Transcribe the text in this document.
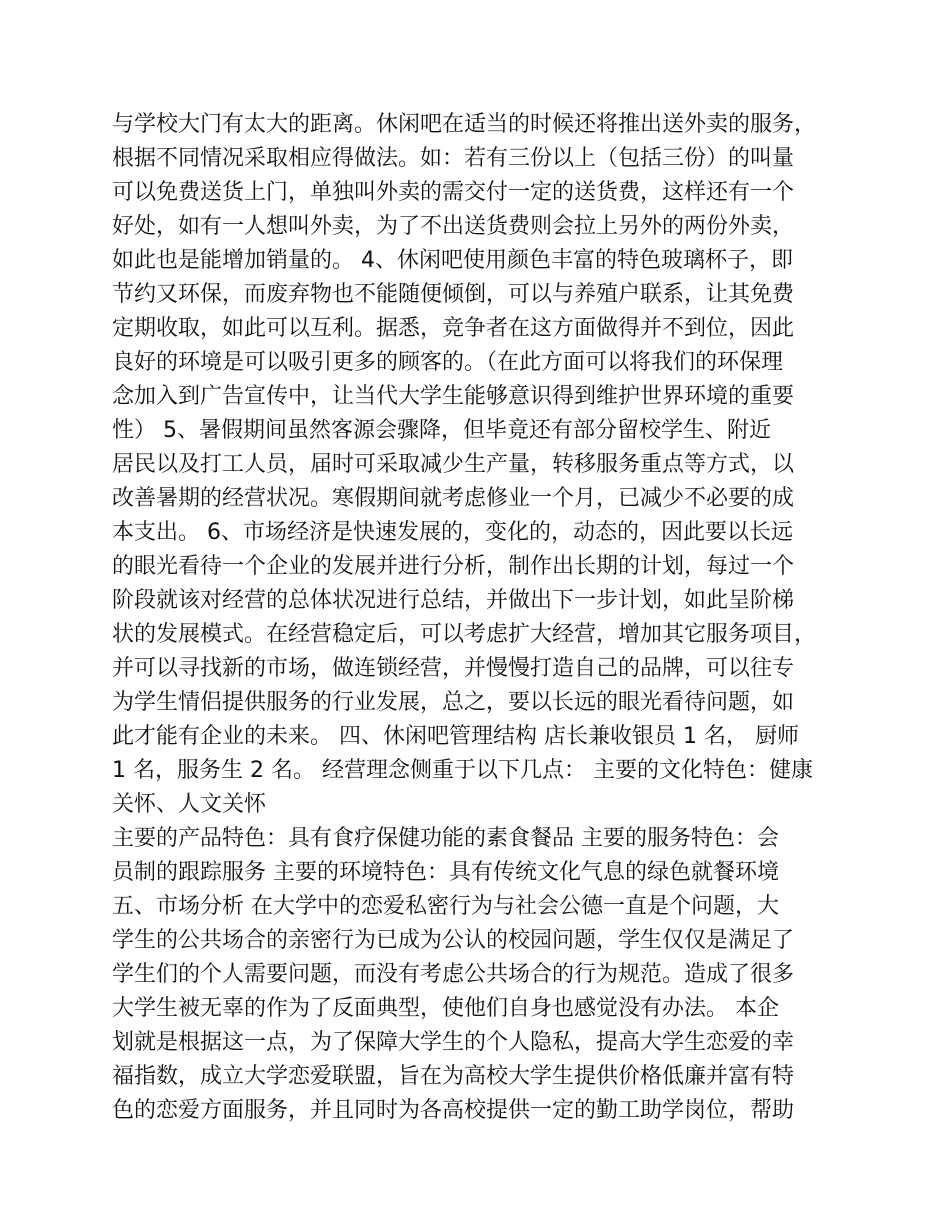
与学校大门有太大的距离。休闲吧在适当的时候还将推出送外卖的服务，
根据不同情况采取相应得做法。如：若有三份以上（包括三份）的叫量
可以免费送货上门，单独叫外卖的需交付一定的送货费，这样还有一个
好处，如有一人想叫外卖，为了不出送货费则会拉上另外的两份外卖，
如此也是能增加销量的。 4、休闲吧使用颜色丰富的特色玻璃杯子，即
节约又环保，而废弃物也不能随便倾倒，可以与养殖户联系，让其免费
定期收取，如此可以互利。据悉，竞争者在这方面做得并不到位，因此
良好的环境是可以吸引更多的顾客的。（在此方面可以将我们的环保理
念加入到广告宣传中，让当代大学生能够意识得到维护世界环境的重要
性） 5、暑假期间虽然客源会骤降，但毕竟还有部分留校学生、附近
居民以及打工人员，届时可采取减少生产量，转移服务重点等方式，以
改善暑期的经营状况。寒假期间就考虑修业一个月，已减少不必要的成
本支出。 6、市场经济是快速发展的，变化的，动态的，因此要以长远
的眼光看待一个企业的发展并进行分析，制作出长期的计划，每过一个
阶段就该对经营的总体状况进行总结，并做出下一步计划，如此呈阶梯
状的发展模式。在经营稳定后，可以考虑扩大经营，增加其它服务项目，
并可以寻找新的市场，做连锁经营，并慢慢打造自己的品牌，可以往专
为学生情侣提供服务的行业发展，总之，要以长远的眼光看待问题，如
此才能有企业的未来。 四、休闲吧管理结构 店长兼收银员 1 名， 厨师
1 名，服务生 2 名。 经营理念侧重于以下几点： 主要的文化特色：健康
关怀、人文关怀
主要的产品特色：具有食疗保健功能的素食餐品 主要的服务特色：会
员制的跟踪服务 主要的环境特色：具有传统文化气息的绿色就餐环境
五、市场分析 在大学中的恋爱私密行为与社会公德一直是个问题，大
学生的公共场合的亲密行为已成为公认的校园问题，学生仅仅是满足了
学生们的个人需要问题，而没有考虑公共场合的行为规范。造成了很多
大学生被无辜的作为了反面典型，使他们自身也感觉没有办法。 本企
划就是根据这一点，为了保障大学生的个人隐私，提高大学生恋爱的幸
福指数，成立大学恋爱联盟，旨在为高校大学生提供价格低廉并富有特
色的恋爱方面服务，并且同时为各高校提供一定的勤工助学岗位，帮助
